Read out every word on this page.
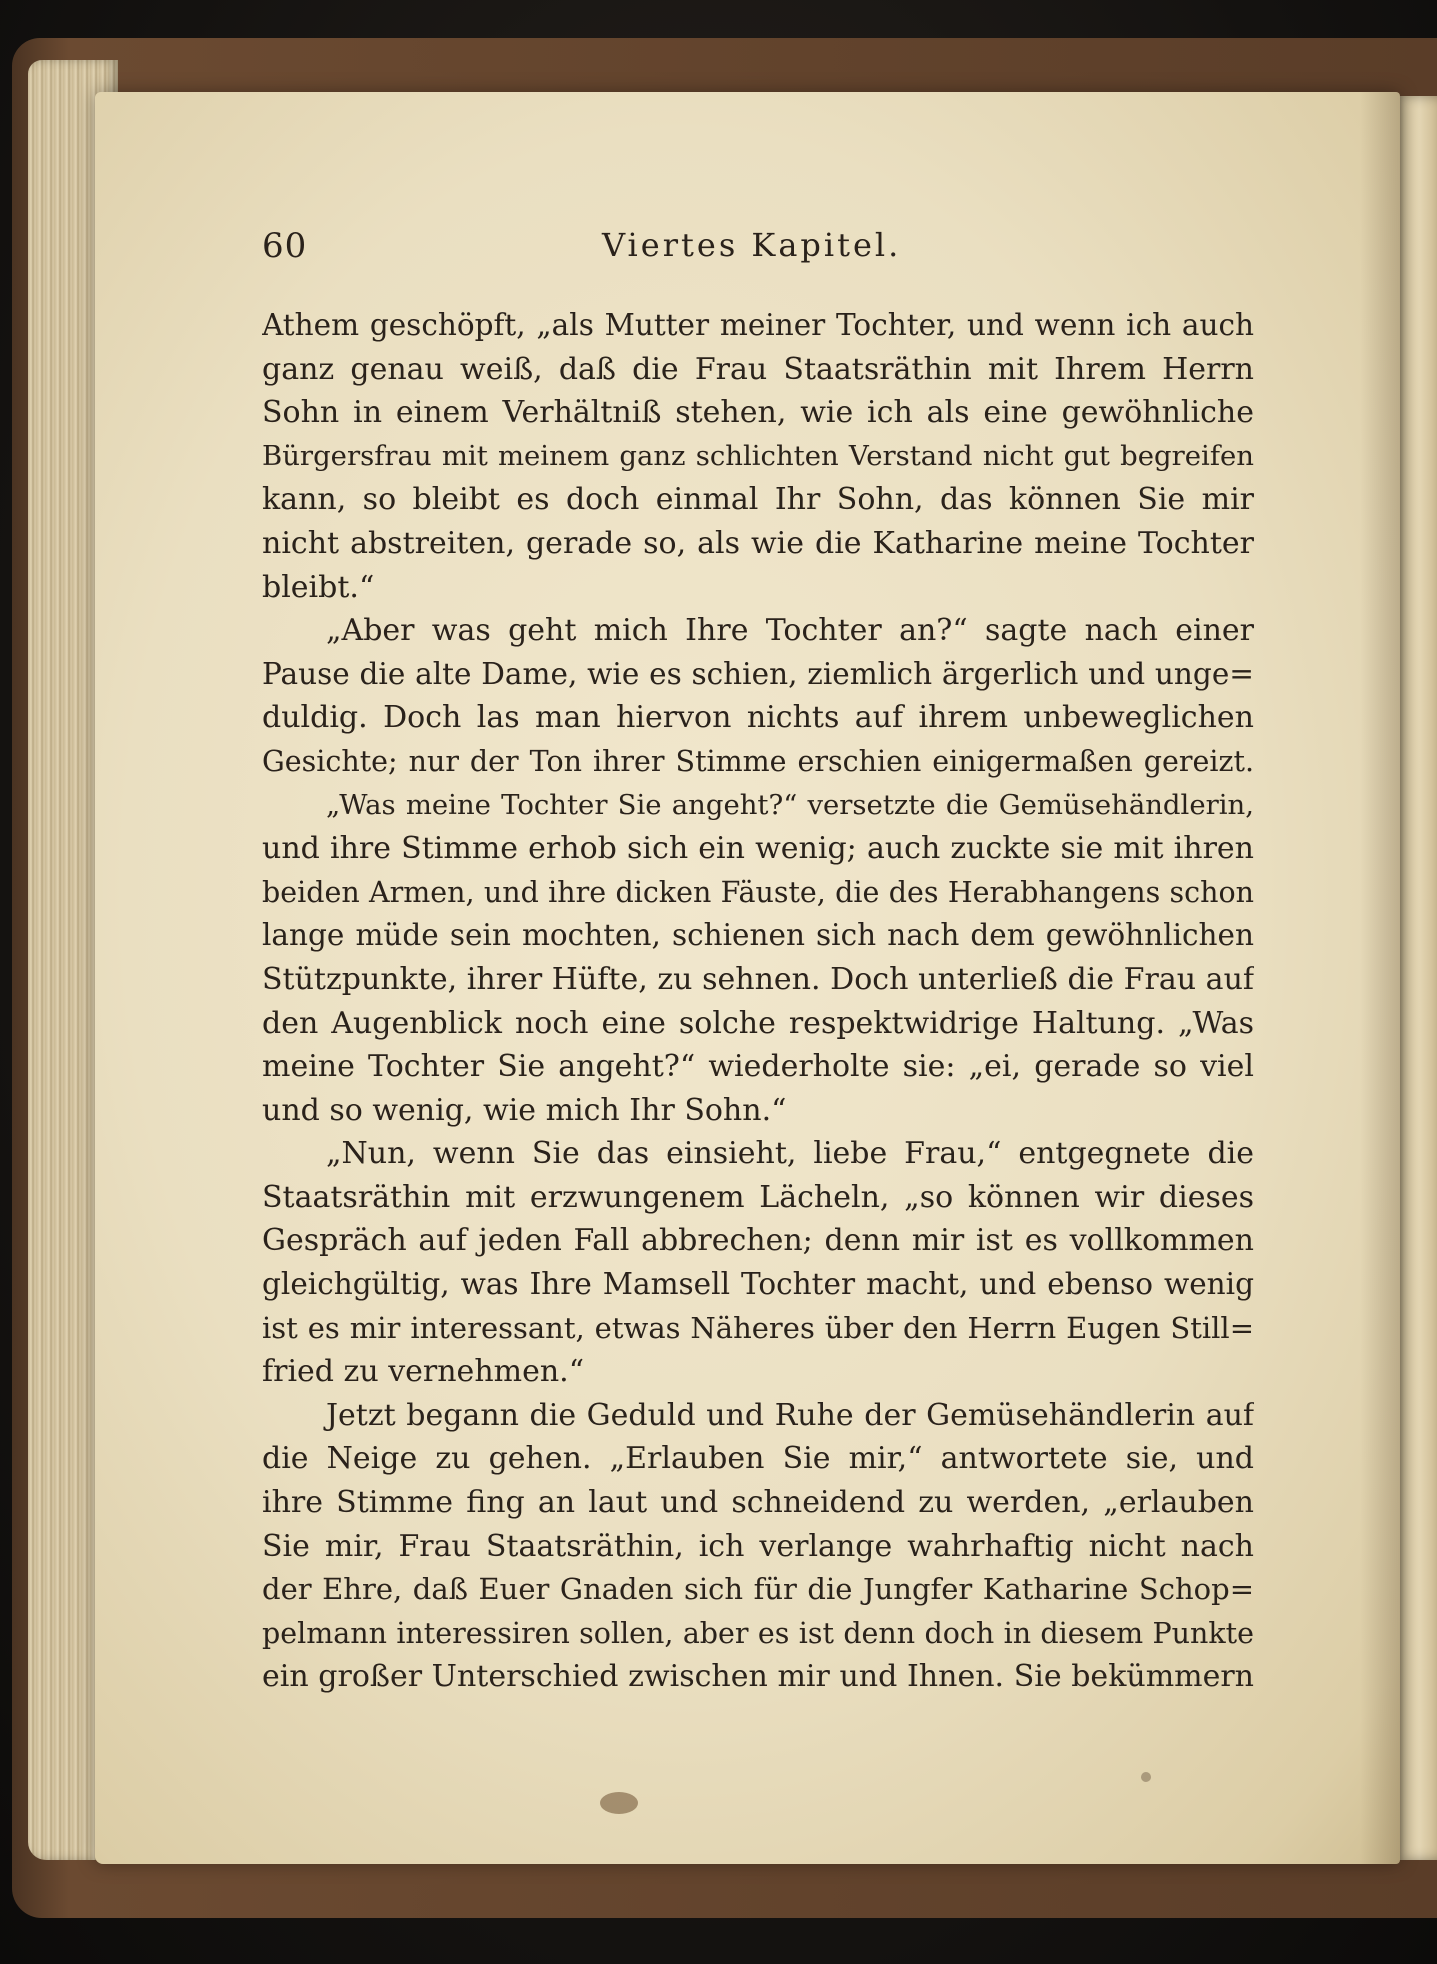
60	Viertes Kapitel.
Athem geschöpft, „als Mutter meiner Tochter, und wenn ich auch
ganz genau weiß, daß die Frau Staatsräthin mit Ihrem Herrn
Sohn in einem Verhältniß stehen, wie ich als eine gewöhnliche
Bürgersfrau mit meinem ganz schlichten Verstand nicht gut begreifen
kann, so bleibt es doch einmal Ihr Sohn, das können Sie mir
nicht abstreiten, gerade so, als wie die Katharine meine Tochter
bleibt.“
„Aber was geht mich Ihre Tochter an?“ sagte nach einer
Pause die alte Dame, wie es schien, ziemlich ärgerlich und unge=
duldig. Doch las man hiervon nichts auf ihrem unbeweglichen
Gesichte; nur der Ton ihrer Stimme erschien einigermaßen gereizt.
„Was meine Tochter Sie angeht?“ versetzte die Gemüsehändlerin,
und ihre Stimme erhob sich ein wenig; auch zuckte sie mit ihren
beiden Armen, und ihre dicken Fäuste, die des Herabhangens schon
lange müde sein mochten, schienen sich nach dem gewöhnlichen
Stützpunkte, ihrer Hüfte, zu sehnen. Doch unterließ die Frau auf
den Augenblick noch eine solche respektwidrige Haltung. „Was
meine Tochter Sie angeht?“ wiederholte sie: „ei, gerade so viel
und so wenig, wie mich Ihr Sohn.“
„Nun, wenn Sie das einsieht, liebe Frau,“ entgegnete die
Staatsräthin mit erzwungenem Lächeln, „so können wir dieses
Gespräch auf jeden Fall abbrechen; denn mir ist es vollkommen
gleichgültig, was Ihre Mamsell Tochter macht, und ebenso wenig
ist es mir interessant, etwas Näheres über den Herrn Eugen Still=
fried zu vernehmen.“
Jetzt begann die Geduld und Ruhe der Gemüsehändlerin auf
die Neige zu gehen. „Erlauben Sie mir,“ antwortete sie, und
ihre Stimme fing an laut und schneidend zu werden, „erlauben
Sie mir, Frau Staatsräthin, ich verlange wahrhaftig nicht nach
der Ehre, daß Euer Gnaden sich für die Jungfer Katharine Schop=
pelmann interessiren sollen, aber es ist denn doch in diesem Punkte
ein großer Unterschied zwischen mir und Ihnen. Sie bekümmern
